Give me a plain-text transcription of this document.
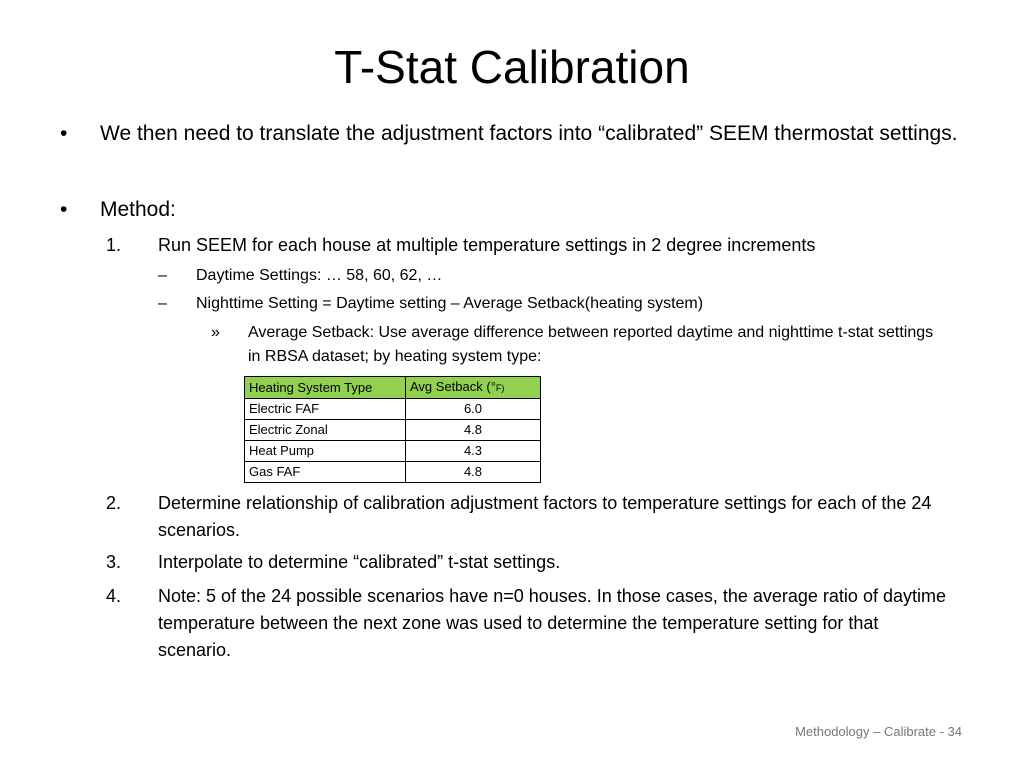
T-Stat Calibration
• We then need to translate the adjustment factors into “calibrated” SEEM thermostat settings.
• Method:
1. Run SEEM for each house at multiple temperature settings in 2 degree increments
– Daytime Settings: … 58, 60, 62, …
– Nighttime Setting = Daytime setting – Average Setback(heating system)
» Average Setback: Use average difference between reported daytime and nighttime t-stat settings in RBSA dataset; by heating system type:
Heating System Type	Avg Setback (°F)
Electric FAF	6.0
Electric Zonal	4.8
Heat Pump	4.3
Gas FAF	4.8
2. Determine relationship of calibration adjustment factors to temperature settings for each of the 24 scenarios.
3. Interpolate to determine “calibrated” t-stat settings.
4. Note: 5 of the 24 possible scenarios have n=0 houses. In those cases, the average ratio of daytime temperature between the next zone was used to determine the temperature setting for that scenario.
Methodology – Calibrate - 34
